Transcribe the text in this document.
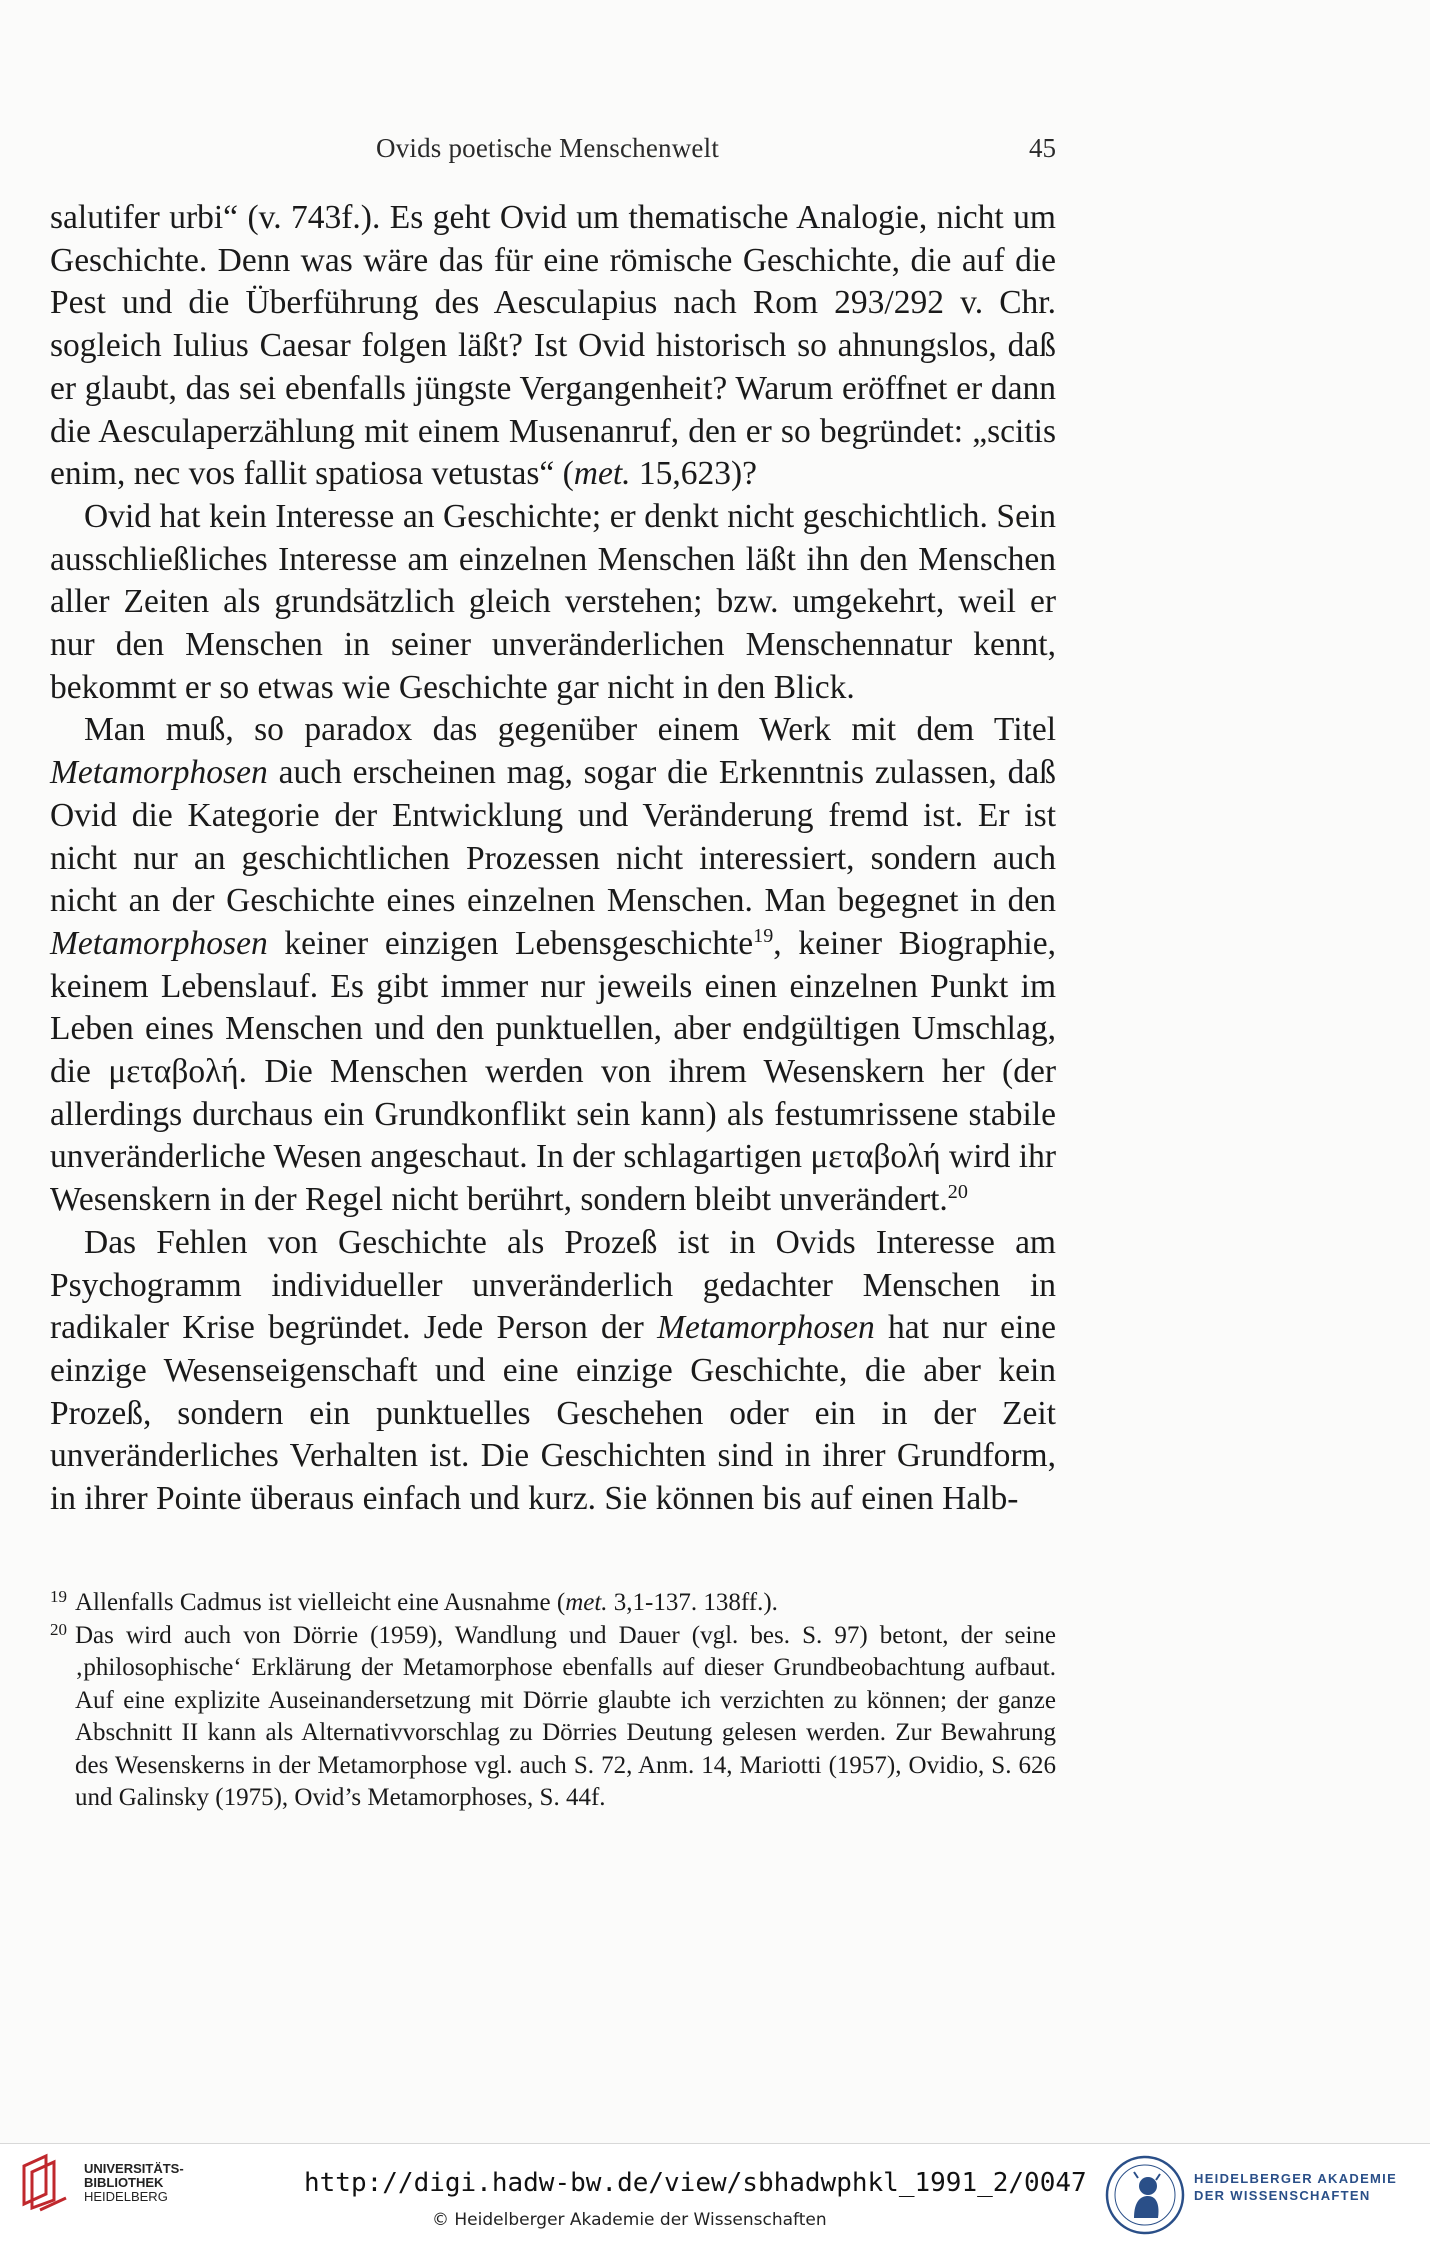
Ovids poetische Menschenwelt	45

salutifer urbi“ (v. 743f.). Es geht Ovid um thematische Analogie, nicht um Geschichte. Denn was wäre das für eine römische Geschichte, die auf die Pest und die Überführung des Aesculapius nach Rom 293/292 v. Chr. sogleich Iulius Caesar folgen läßt? Ist Ovid historisch so ahnungslos, daß er glaubt, das sei ebenfalls jüngste Vergangenheit? Warum eröffnet er dann die Aesculaperzählung mit einem Musenanruf, den er so begründet: „scitis enim, nec vos fallit spatiosa vetustas“ (met. 15,623)?

Ovid hat kein Interesse an Geschichte; er denkt nicht geschichtlich. Sein ausschließliches Interesse am einzelnen Menschen läßt ihn den Menschen aller Zeiten als grundsätzlich gleich verstehen; bzw. umgekehrt, weil er nur den Menschen in seiner unveränderlichen Menschennatur kennt, bekommt er so etwas wie Geschichte gar nicht in den Blick.

Man muß, so paradox das gegenüber einem Werk mit dem Titel Metamorphosen auch erscheinen mag, sogar die Erkenntnis zulassen, daß Ovid die Kategorie der Entwicklung und Veränderung fremd ist. Er ist nicht nur an geschichtlichen Prozessen nicht interessiert, sondern auch nicht an der Geschichte eines einzelnen Menschen. Man begegnet in den Metamorphosen keiner einzigen Lebensgeschichte$^{19}$, keiner Biographie, keinem Lebenslauf. Es gibt immer nur jeweils einen einzelnen Punkt im Leben eines Menschen und den punktuellen, aber endgültigen Umschlag, die μεταβολή. Die Menschen werden von ihrem Wesenskern her (der allerdings durchaus ein Grundkonflikt sein kann) als festumrissene stabile unveränderliche Wesen angeschaut. In der schlagartigen μεταβολή wird ihr Wesenskern in der Regel nicht berührt, sondern bleibt unverändert.$^{20}$

Das Fehlen von Geschichte als Prozeß ist in Ovids Interesse am Psychogramm individueller unveränderlich gedachter Menschen in radikaler Krise begründet. Jede Person der Metamorphosen hat nur eine einzige Wesenseigenschaft und eine einzige Geschichte, die aber kein Prozeß, sondern ein punktuelles Geschehen oder ein in der Zeit unveränderliches Verhalten ist. Die Geschichten sind in ihrer Grundform, in ihrer Pointe überaus einfach und kurz. Sie können bis auf einen Halb-

19 Allenfalls Cadmus ist vielleicht eine Ausnahme (met. 3,1-137. 138ff.).

20 Das wird auch von Dörrie (1959), Wandlung und Dauer (vgl. bes. S. 97) betont, der seine ‚philosophische‘ Erklärung der Metamorphose ebenfalls auf dieser Grundbeobachtung aufbaut. Auf eine explizite Auseinandersetzung mit Dörrie glaubte ich verzichten zu können; der ganze Abschnitt II kann als Alternativvorschlag zu Dörries Deutung gelesen werden. Zur Bewahrung des Wesenskerns in der Metamorphose vgl. auch S. 72, Anm. 14, Mariotti (1957), Ovidio, S. 626 und Galinsky (1975), Ovid’s Metamorphoses, S. 44f.

UNIVERSITÄTS-
BIBLIOTHEK
HEIDELBERG	http://digi.hadw-bw.de/view/sbhadwphkl_1991_2/0047
© Heidelberger Akademie der Wissenschaften
HEIDELBERGER AKADEMIE
DER WISSENSCHAFTEN
